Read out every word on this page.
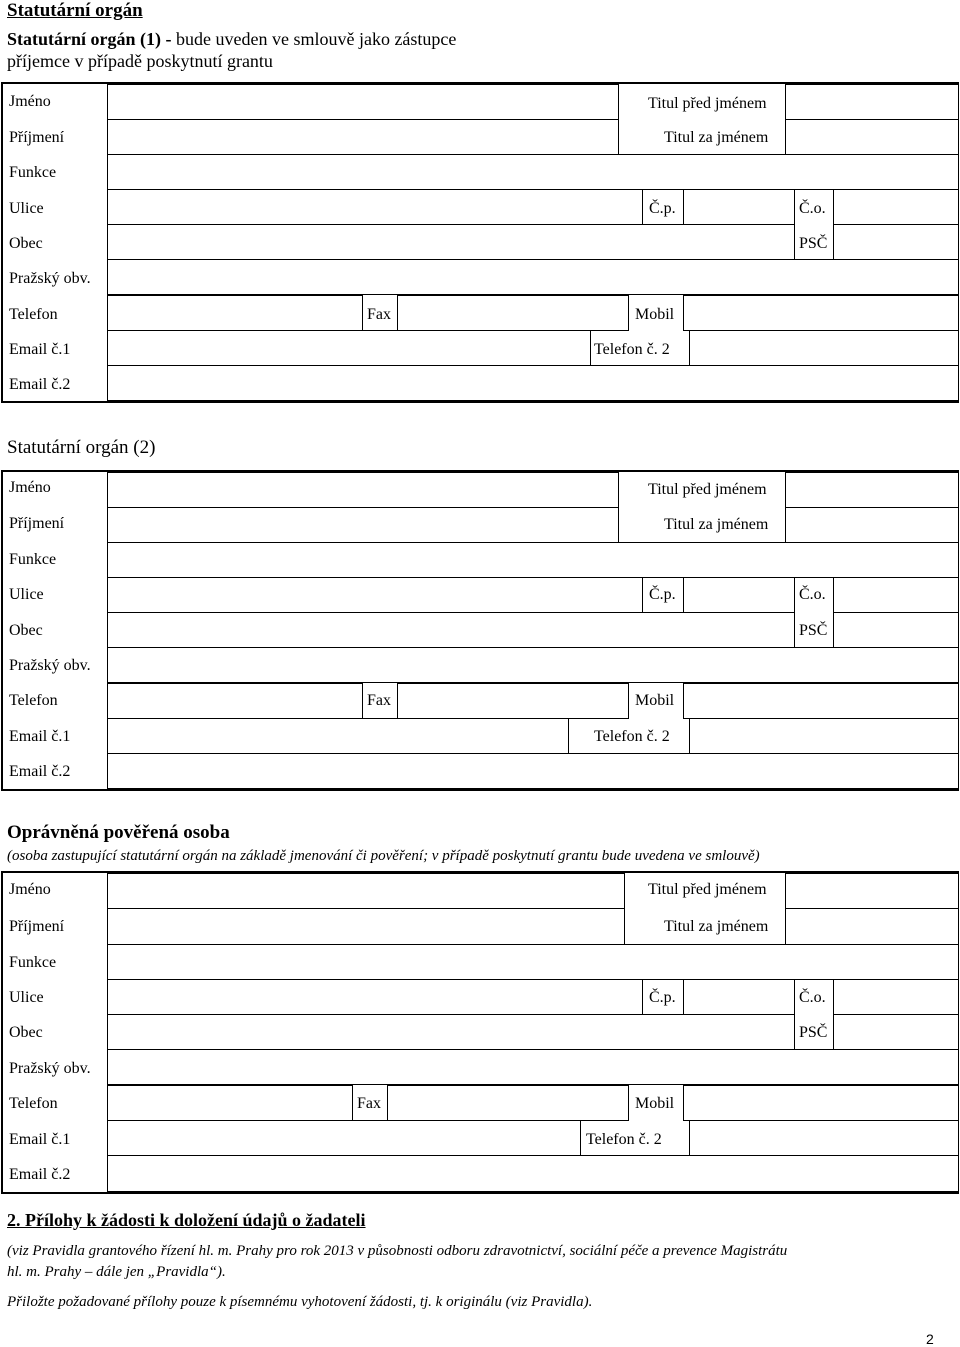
Statutární orgán
Statutární orgán (1) - bude uveden ve smlouvě jako zástupce
příjemce v případě poskytnutí grantu
Jméno	Titul před jménem
Příjmení	Titul za jménem
Funkce
Ulice	Č.p.	Č.o.
Obec	PSČ
Pražský obv.
Telefon	Fax	Mobil
Email č.1	Telefon č. 2
Email č.2
Statutární orgán (2)
Jméno	Titul před jménem
Příjmení	Titul za jménem
Funkce
Ulice	Č.p.	Č.o.
Obec	PSČ
Pražský obv.
Telefon	Fax	Mobil
Email č.1	Telefon č. 2
Email č.2
Oprávněná pověřená osoba
(osoba zastupující statutární orgán na základě jmenování či pověření; v případě poskytnutí grantu bude uvedena ve smlouvě)
Jméno	Titul před jménem
Příjmení	Titul za jménem
Funkce
Ulice	Č.p.	Č.o.
Obec	PSČ
Pražský obv.
Telefon	Fax	Mobil
Email č.1	Telefon č. 2
Email č.2
2. Přílohy k žádosti k doložení údajů o žadateli
(viz Pravidla grantového řízení hl. m. Prahy pro rok 2013 v působnosti odboru zdravotnictví, sociální péče a prevence Magistrátu
hl. m. Prahy – dále jen „Pravidla“).
Přiložte požadované přílohy pouze k písemnému vyhotovení žádosti, tj. k originálu (viz Pravidla).
2
